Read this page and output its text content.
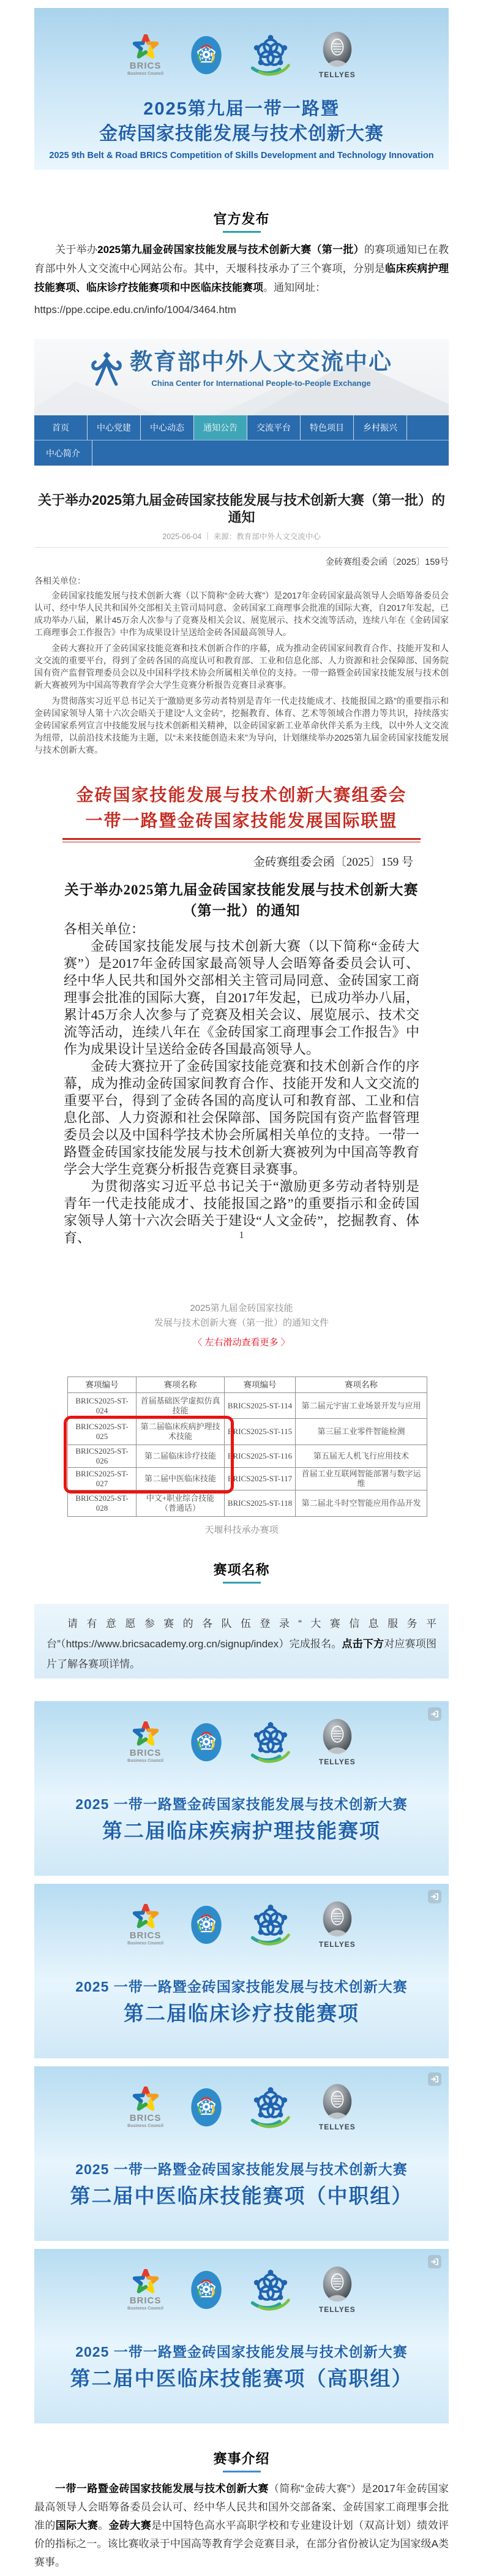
BRICS
Business Council	TELLYES
2025第九届一带一路暨
金砖国家技能发展与技术创新大赛
2025 9th Belt & Road BRICS Competition of Skills Development and Technology Innovation
官方发布

关于举办2025第九届金砖国家技能发展与技术创新大赛（第一批）的赛项通知已在教育部中外人文交流中心网站公布。其中，天堰科技承办了三个赛项，分别是临床疾病护理技能赛项、临床诊疗技能赛项和中医临床技能赛项。通知网址：

https://ppe.ccipe.edu.cn/info/1004/3464.htm
教育部中外人文交流中心
China Center for International People-to-People Exchange
首页	中心党建	中心动态	通知公告	交流平台	特色项目	乡村振兴
中心简介
关于举办2025第九届金砖国家技能发展与技术创新大赛（第一批）的通知
2025-06-04 ｜ 来源：教育部中外人文交流中心
金砖赛组委会函〔2025〕159号

各相关单位：

金砖国家技能发展与技术创新大赛（以下简称“金砖大赛”）是2017年金砖国家最高领导人会晤筹备委员会认可、经中华人民共和国外交部相关主管司局同意、金砖国家工商理事会批准的国际大赛，自2017年发起，已成功举办八届，累计45万余人次参与了竞赛及相关会议、展览展示、技术交流等活动，连续八年在《金砖国家工商理事会工作报告》中作为成果设计呈送给金砖各国最高领导人。

金砖大赛拉开了金砖国家技能竞赛和技术创新合作的序幕，成为推动金砖国家间教育合作、技能开发和人文交流的重要平台，得到了金砖各国的高度认可和教育部、工业和信息化部、人力资源和社会保障部、国务院国有资产监督管理委员会以及中国科学技术协会所属相关单位的支持。一带一路暨金砖国家技能发展与技术创新大赛被列为中国高等教育学会大学生竞赛分析报告竞赛目录赛事。

为贯彻落实习近平总书记关于“激励更多劳动者特别是青年一代走技能成才、技能报国之路”的重要指示和金砖国家领导人第十六次会晤关于建设“人文金砖”，挖掘教育、体育、艺术等领域合作潜力等共识，持续落实金砖国家系列宣言中技能发展与技术创新相关精神，以金砖国家新工业革命伙伴关系为主线，以中外人文交流为纽带，以前沿技术技能为主题，以“未来技能创造未来”为导向，计划继续举办2025第九届金砖国家技能发展与技术创新大赛。

金砖国家技能发展与技术创新大赛组委会
一带一路暨金砖国家技能发展国际联盟
金砖赛组委会函〔2025〕159 号
关于举办2025第九届金砖国家技能发展与技术创新大赛
（第一批）的通知

各相关单位：

金砖国家技能发展与技术创新大赛（以下简称“金砖大赛”）是2017年金砖国家最高领导人会晤筹备委员会认可、经中华人民共和国外交部相关主管司局同意、金砖国家工商理事会批准的国际大赛，自2017年发起，已成功举办八届，累计45万余人次参与了竞赛及相关会议、展览展示、技术交流等活动，连续八年在《金砖国家工商理事会工作报告》中作为成果设计呈送给金砖各国最高领导人。

金砖大赛拉开了金砖国家技能竞赛和技术创新合作的序幕，成为推动金砖国家间教育合作、技能开发和人文交流的重要平台，得到了金砖各国的高度认可和教育部、工业和信息化部、人力资源和社会保障部、国务院国有资产监督管理委员会以及中国科学技术协会所属相关单位的支持。一带一路暨金砖国家技能发展与技术创新大赛被列为中国高等教育学会大学生竞赛分析报告竞赛目录赛事。

为贯彻落实习近平总书记关于“激励更多劳动者特别是青年一代走技能成才、技能报国之路”的重要指示和金砖国家领导人第十六次会晤关于建设“人文金砖”，挖掘教育、体育、	1
2025第九届金砖国家技能
发展与技术创新大赛（第一批）的通知文件
〈 左右滑动查看更多 〉
赛项编号	赛项名称	赛项编号	赛项名称
BRICS2025-ST-024	首届基础医学虚拟仿真技能	BRICS2025-ST-114	第二届元宇宙工业场景开发与应用
BRICS2025-ST-025	第二届临床疾病护理技术技能	BRICS2025-ST-115	第三届工业零件智能检测
BRICS2025-ST-026	第二届临床诊疗技能	BRICS2025-ST-116	第五届无人机飞行应用技术
BRICS2025-ST-027	第二届中医临床技能	BRICS2025-ST-117	首届工业互联网智能部署与数字运维
BRICS2025-ST-028	中文+职业综合技能（普通话）	BRICS2025-ST-118	第二届北斗时空智能应用作品开发
天堰科技承办赛项
赛项名称

请有意愿参赛的各队伍登录“大赛信息服务平台”（https://www.bricsacademy.org.cn/signup/index）完成报名。点击下方对应赛项图片了解各赛项详情。

BRICS
Business Council	TELLYES
2025 一带一路暨金砖国家技能发展与技术创新大赛
第二届临床疾病护理技能赛项
BRICS
Business Council	TELLYES
2025 一带一路暨金砖国家技能发展与技术创新大赛
第二届临床诊疗技能赛项
BRICS
Business Council	TELLYES
2025 一带一路暨金砖国家技能发展与技术创新大赛
第二届中医临床技能赛项（中职组）
BRICS
Business Council	TELLYES
2025 一带一路暨金砖国家技能发展与技术创新大赛
第二届中医临床技能赛项（高职组）
赛事介绍

一带一路暨金砖国家技能发展与技术创新大赛（简称“金砖大赛”）是2017年金砖国家最高领导人会晤筹备委员会认可、经中华人民共和国外交部备案、金砖国家工商理事会批准的国际大赛。金砖大赛是中国特色高水平高职学校和专业建设计划（双高计划）绩效评价的指标之一。该比赛收录于中国高等教育学会竞赛目录，在部分省份被认定为国家级A类赛事。
